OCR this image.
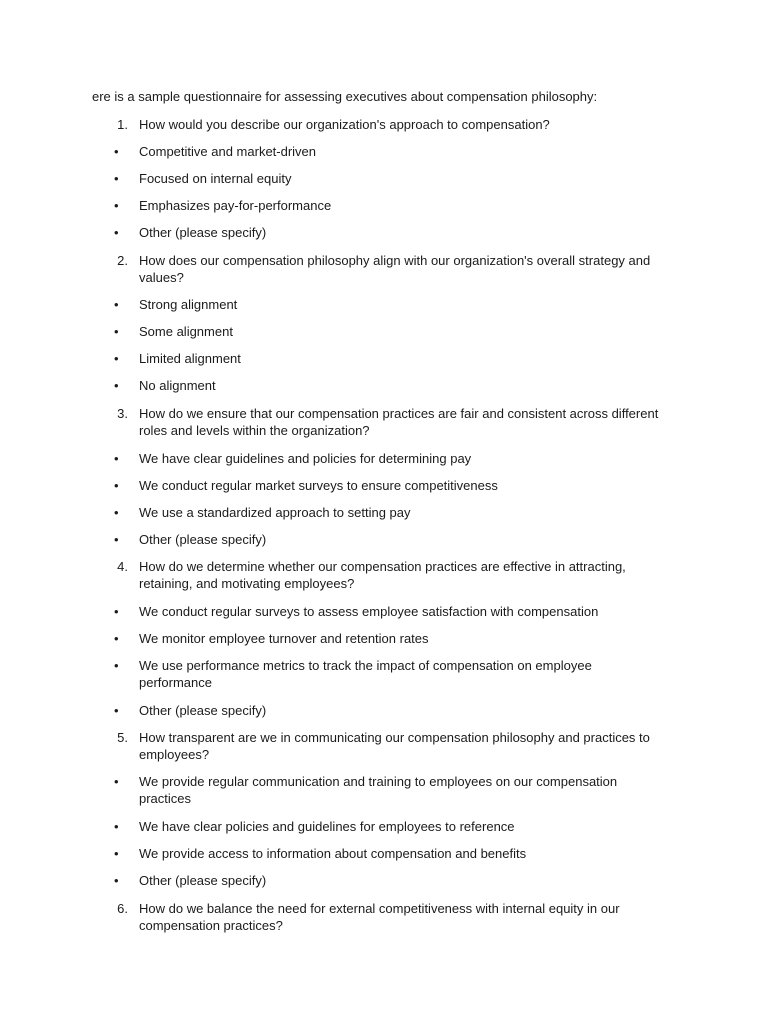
ere is a sample questionnaire for assessing executives about compensation philosophy:
1. How would you describe our organization's approach to compensation?
• Competitive and market-driven
• Focused on internal equity
• Emphasizes pay-for-performance
• Other (please specify)
2. How does our compensation philosophy align with our organization's overall strategy and
values?
• Strong alignment
• Some alignment
• Limited alignment
• No alignment
3. How do we ensure that our compensation practices are fair and consistent across different
roles and levels within the organization?
• We have clear guidelines and policies for determining pay
• We conduct regular market surveys to ensure competitiveness
• We use a standardized approach to setting pay
• Other (please specify)
4. How do we determine whether our compensation practices are effective in attracting,
retaining, and motivating employees?
• We conduct regular surveys to assess employee satisfaction with compensation
• We monitor employee turnover and retention rates
• We use performance metrics to track the impact of compensation on employee
performance
• Other (please specify)
5. How transparent are we in communicating our compensation philosophy and practices to
employees?
• We provide regular communication and training to employees on our compensation
practices
• We have clear policies and guidelines for employees to reference
• We provide access to information about compensation and benefits
• Other (please specify)
6. How do we balance the need for external competitiveness with internal equity in our
compensation practices?
